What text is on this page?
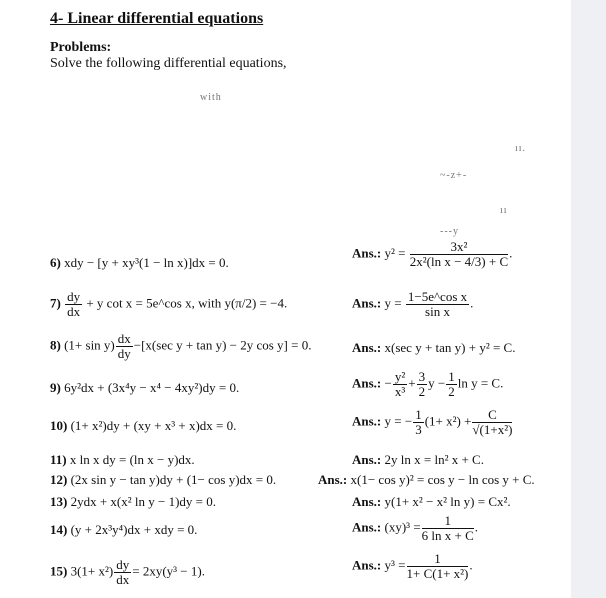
4- Linear differential equations
Problems:
Solve the following differential equations,
with
ıı.
~-z+-
---y
ıı
6) xdy − [y + xy³(1 − ln x)]dx = 0.
Ans.: $y^2 = \frac{\text{3x²}}{\text{2x²(ln x − 4/3) + C}}$ .
$7) \frac{dy}{dx} + y$ cot x = 5e^cos x, with y(π/2) = −4.	Ans.: $y = \frac{\text{1−5e\textasciicircum{}cos x}}{\text{sin x}}$ .
8) $(1+ \sin y) \frac{dx}{dy} -[x(\sec$ y + tan y) − 2y cos y] = 0.	Ans.: x(sec y + tan y) + y² = C.
9) 6y²dx + (3x⁴y − x⁴ − 4xy²)dy = 0.	Ans.: − $\frac{\text{y²}}{\text{x³}} + \frac{3}{2}$ $y - \frac{1}{2}$ ln y = C.
10) (1+ x²)dy + (xy + x³ + x)dx = 0.	Ans.: y = − $\frac{1}{3} (1+ x^2) + \frac{C}{\text{√(1+x²)}}$
11) x ln x dy = (ln x − y)dx.	Ans.: 2y ln x = ln² x + C.
12) (2x sin y − tan y)dy + (1− cos y)dx = 0.	Ans.: x(1− cos y)² = cos y − ln cos y + C.
13) 2ydx + x(x² ln y − 1)dy = 0.	Ans.: y(1+ x² − x² ln y) = Cx².
14) (y + 2x³y⁴)dx + xdy = 0.	Ans.: $(xy)^3 = \frac{1}{\text{6 ln x + C}}$ .
15) $3(1+ x^2) \frac{dy}{dx} = 2xy(y^3 - 1)$.	Ans.: $y^3 = \frac{1}{\text{1+ C(1+ x²)}}$ .
